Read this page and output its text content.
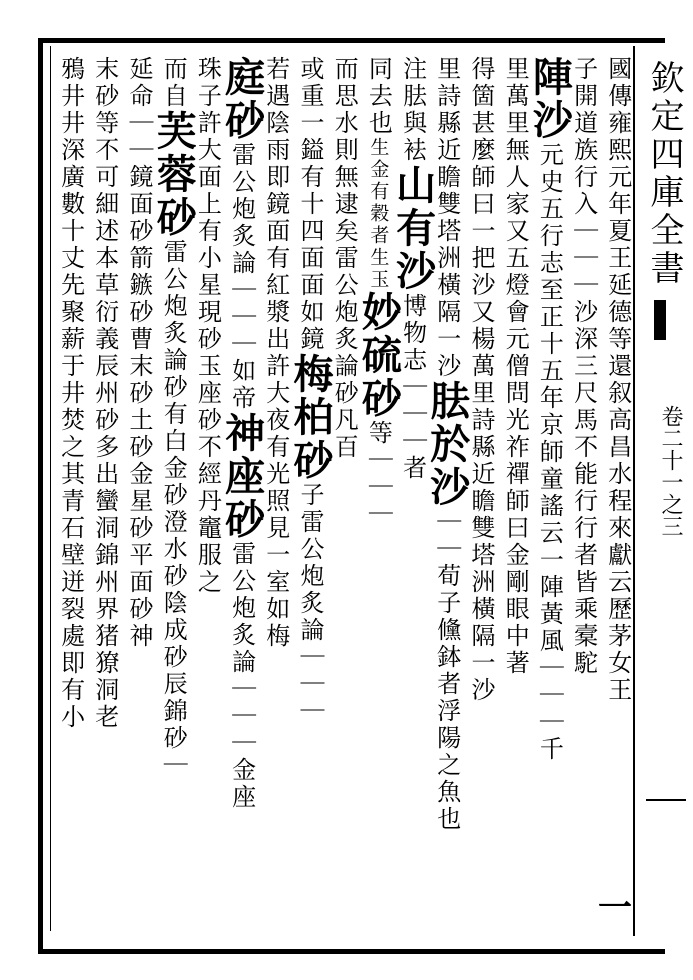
欽定四庫全書
卷二十一之三
國傳雍熙元年夏王延德等還叙高昌水程來獻云歷茅女王
子開道族行入｜｜｜沙深三尺馬不能行行者皆乘槖駝
陣沙元史五行志至正十五年京師童謠云一陣黃風｜｜｜千
里萬里無人家又五燈會元僧問光祚禪師曰金剛眼中著
得箇甚麼師曰一把沙又楊萬里詩縣近瞻雙塔洲橫隔一沙
里詩縣近瞻雙塔洲橫隔一沙胠於沙｜｜荀子儵鉢者浮陽之魚也
注胠與袪山有沙博物志｜｜｜者
同去也生金有穀者生玉妙硫砂等｜｜｜
而思水則無逮矣雷公炮炙論砂凡百
或重一鎰有十四面面如鏡梅柏砂子雷公炮炙論｜｜｜
若遇陰雨即鏡面有紅漿出許大夜有光照見一室如梅
庭砂雷公炮炙論｜｜｜如帝神座砂雷公炮炙論｜｜｜金座
珠子許大面上有小星現砂玉座砂不經丹竈服之
而自芙蓉砂雷公炮炙論砂有白金砂澄水砂陰成砂辰錦砂｜
延命｜｜鏡面砂箭鏃砂曹末砂土砂金星砂平面砂神
末砂等不可細述本草衍義辰州砂多出蠻洞錦州界猪獠洞老
鴉井井深廣數十丈先聚薪于井焚之其青石壁迸裂處即有小
一
